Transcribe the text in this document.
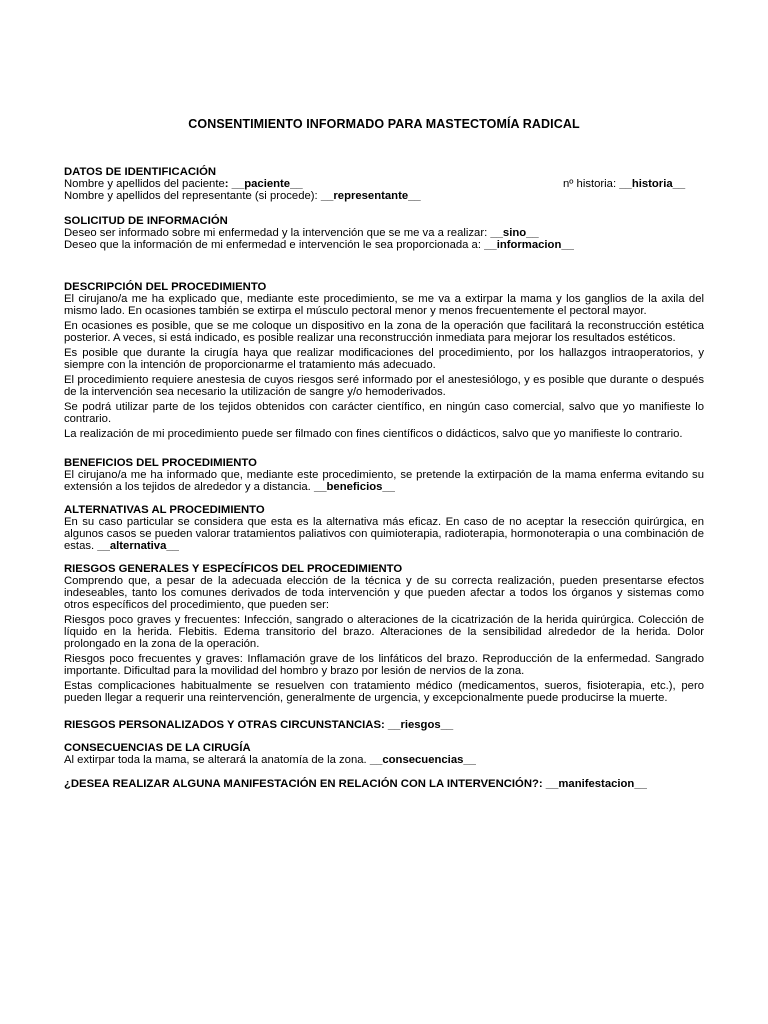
CONSENTIMIENTO INFORMADO PARA MASTECTOMÍA RADICAL
DATOS DE IDENTIFICACIÓN
Nombre y apellidos del paciente: __paciente__	nº historia: __historia__
Nombre y apellidos del representante (si procede): __representante__
SOLICITUD DE INFORMACIÓN
Deseo ser informado sobre mi enfermedad y la intervención que se me va a realizar: __sino__
Deseo que la información de mi enfermedad e intervención le sea proporcionada a: __informacion__
DESCRIPCIÓN DEL PROCEDIMIENTO

El cirujano/a me ha explicado que, mediante este procedimiento, se me va a extirpar la mama y los ganglios de la axila del mismo lado. En ocasiones también se extirpa el músculo pectoral menor y menos frecuentemente el pectoral mayor.

En ocasiones es posible, que se me coloque un dispositivo en la zona de la operación que facilitará la reconstrucción estética posterior. A veces, si está indicado, es posible realizar una reconstrucción inmediata para mejorar los resultados estéticos.

Es posible que durante la cirugía haya que realizar modificaciones del procedimiento, por los hallazgos intraoperatorios, y siempre con la intención de proporcionarme el tratamiento más adecuado.

El procedimiento requiere anestesia de cuyos riesgos seré informado por el anestesiólogo, y es posible que durante o después de la intervención sea necesario la utilización de sangre y/o hemoderivados.

Se podrá utilizar parte de los tejidos obtenidos con carácter científico, en ningún caso comercial, salvo que yo manifieste lo contrario.

La realización de mi procedimiento puede ser filmado con fines científicos o didácticos, salvo que yo manifieste lo contrario.

BENEFICIOS DEL PROCEDIMIENTO

El cirujano/a me ha informado que, mediante este procedimiento, se pretende la extirpación de la mama enferma evitando su extensión a los tejidos de alrededor y a distancia. __beneficios__

ALTERNATIVAS AL PROCEDIMIENTO

En su caso particular se considera que esta es la alternativa más eficaz. En caso de no aceptar la resección quirúrgica, en algunos casos se pueden valorar tratamientos paliativos con quimioterapia, radioterapia, hormonoterapia o una combinación de estas. __alternativa__

RIESGOS GENERALES Y ESPECÍFICOS DEL PROCEDIMIENTO

Comprendo que, a pesar de la adecuada elección de la técnica y de su correcta realización, pueden presentarse efectos indeseables, tanto los comunes derivados de toda intervención y que pueden afectar a todos los órganos y sistemas como otros específicos del procedimiento, que pueden ser:

Riesgos poco graves y frecuentes: Infección, sangrado o alteraciones de la cicatrización de la herida quirúrgica. Colección de líquido en la herida. Flebitis. Edema transitorio del brazo. Alteraciones de la sensibilidad alrededor de la herida. Dolor prolongado en la zona de la operación.

Riesgos poco frecuentes y graves: Inflamación grave de los linfáticos del brazo. Reproducción de la enfermedad. Sangrado importante. Dificultad para la movilidad del hombro y brazo por lesión de nervios de la zona.

Estas complicaciones habitualmente se resuelven con tratamiento médico (medicamentos, sueros, fisioterapia, etc.), pero pueden llegar a requerir una reintervención, generalmente de urgencia, y excepcionalmente puede producirse la muerte.

RIESGOS PERSONALIZADOS Y OTRAS CIRCUNSTANCIAS: __riesgos__
CONSECUENCIAS DE LA CIRUGÍA
Al extirpar toda la mama, se alterará la anatomía de la zona. __consecuencias__
¿DESEA REALIZAR ALGUNA MANIFESTACIÓN EN RELACIÓN CON LA INTERVENCIÓN?: __manifestacion__
